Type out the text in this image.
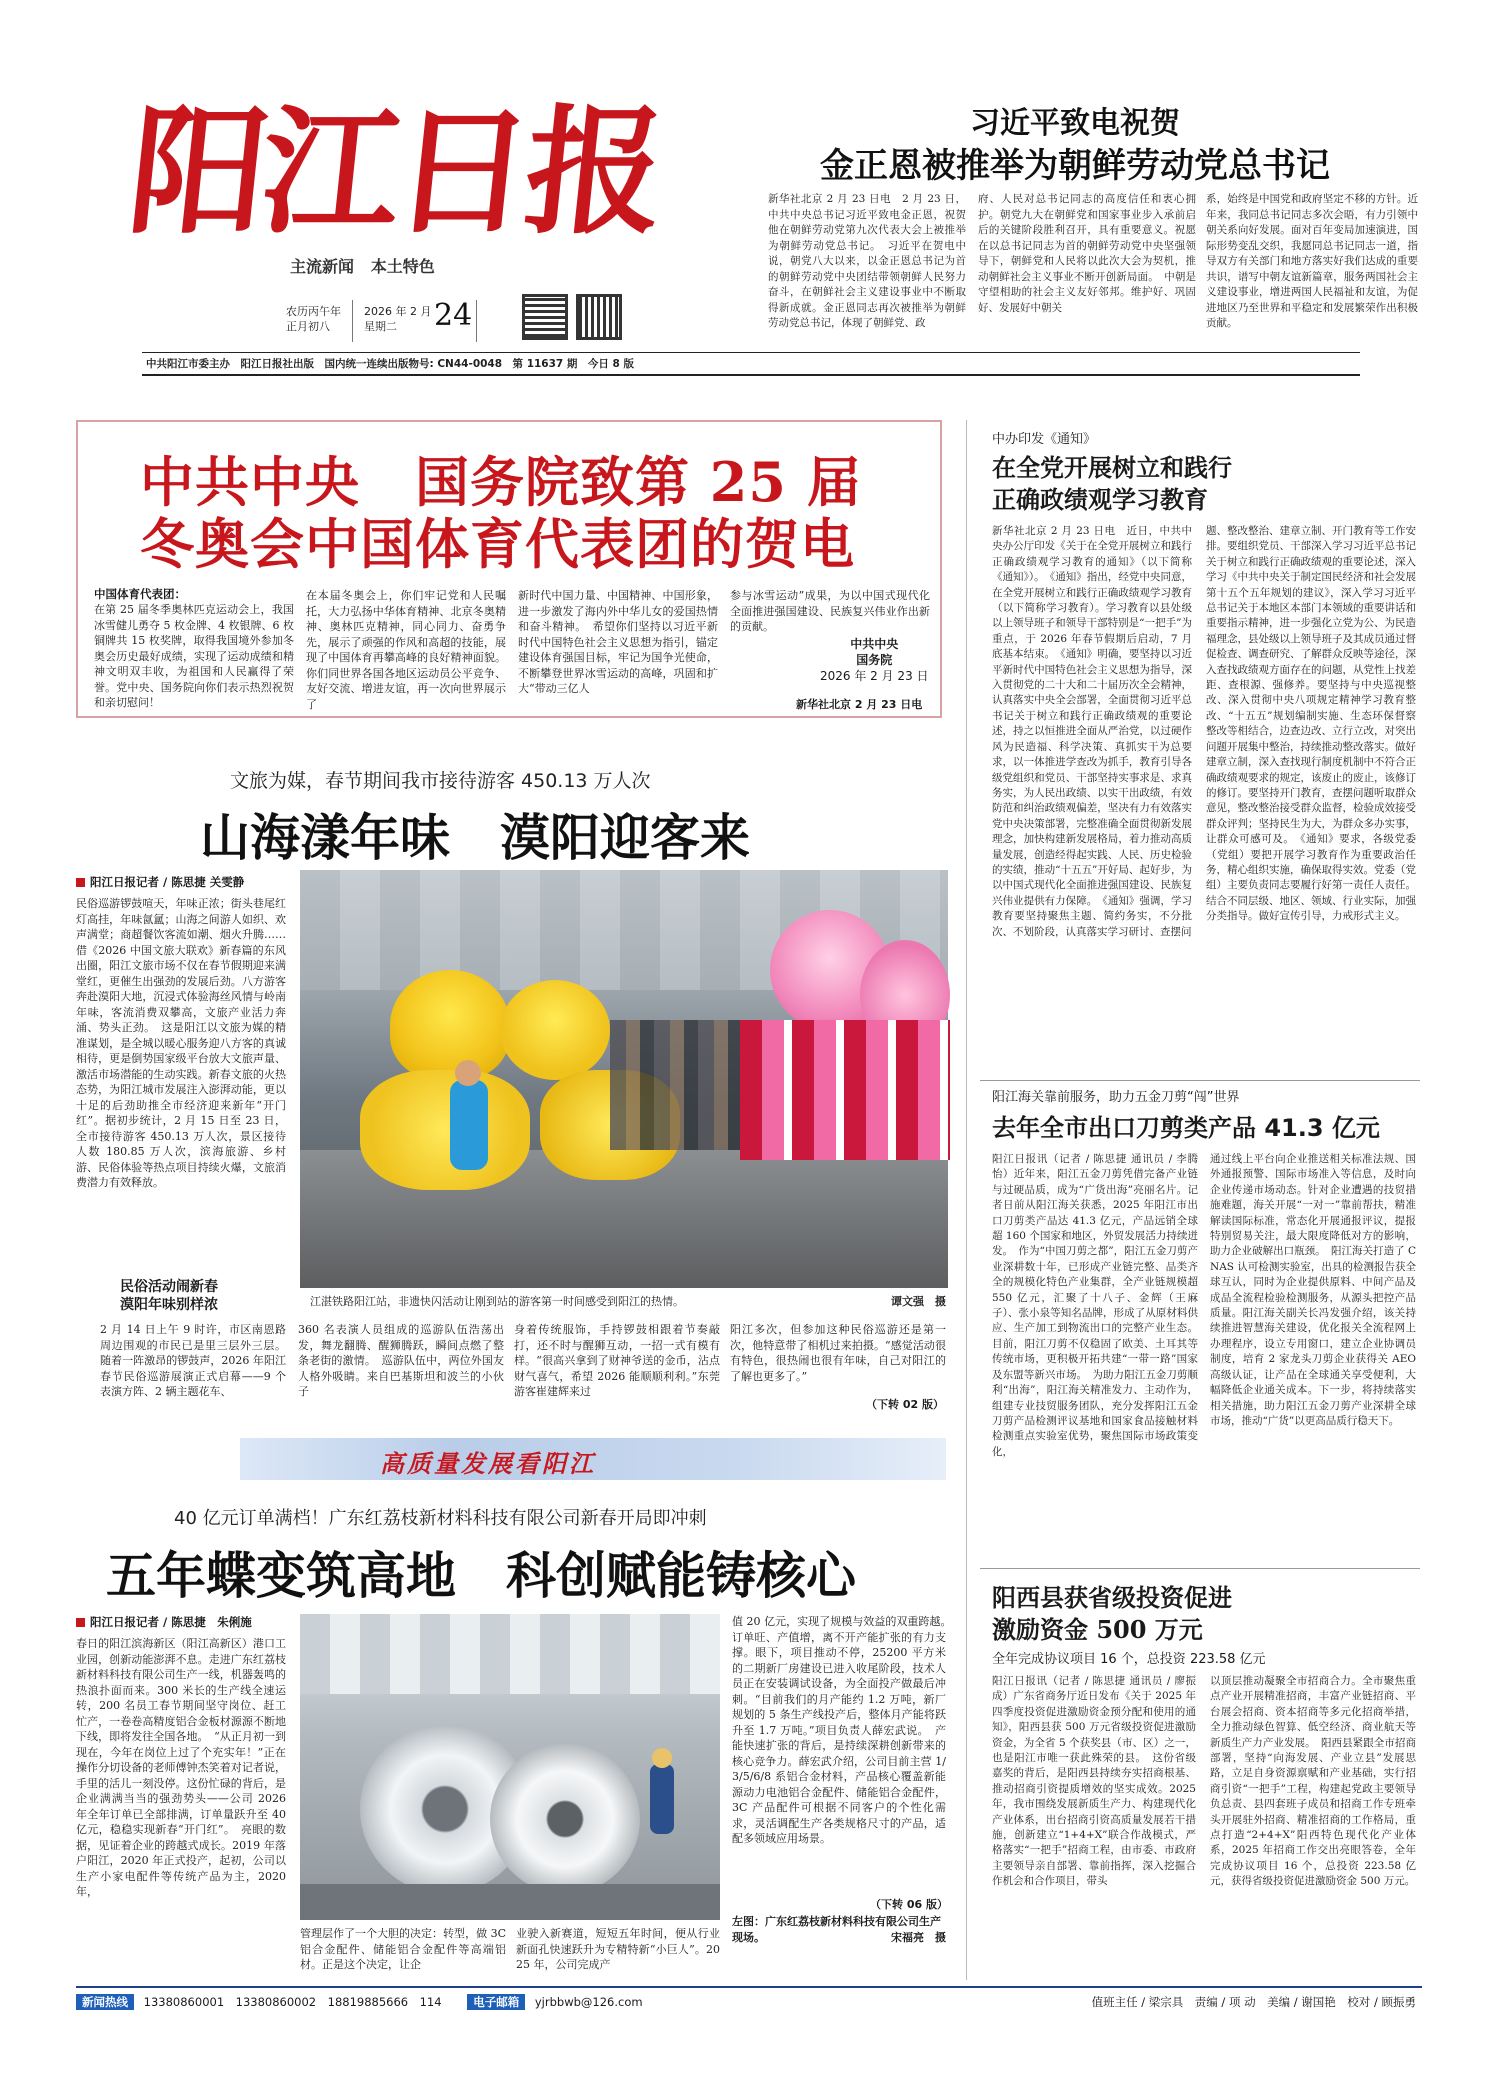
阳江日报
主流新闻 本土特色
农历丙午年
正月初八
2026 年 2 月
星期二	24
中共阳江市委主办　阳江日报社出版　国内统一连续出版物号: CN44-0048　第 11637 期　今日 8 版
习近平致电祝贺
金正恩被推举为朝鲜劳动党总书记
新华社北京 2 月 23 日电　2 月 23 日，中共中央总书记习近平致电金正恩，祝贺他在朝鲜劳动党第九次代表大会上被推举为朝鲜劳动党总书记。　习近平在贺电中说，朝党八大以来，以金正恩总书记为首的朝鲜劳动党中央团结带领朝鲜人民努力奋斗，在朝鲜社会主义建设事业中不断取得新成就。金正恩同志再次被推举为朝鲜劳动党总书记，体现了朝鲜党、政
府、人民对总书记同志的高度信任和衷心拥护。朝党九大在朝鲜党和国家事业步入承前启后的关键阶段胜利召开，具有重要意义。祝愿在以总书记同志为首的朝鲜劳动党中央坚强领导下，朝鲜党和人民将以此次大会为契机，推动朝鲜社会主义事业不断开创新局面。　中朝是守望相助的社会主义友好邻邦。维护好、巩固好、发展好中朝关
系，始终是中国党和政府坚定不移的方针。近年来，我同总书记同志多次会晤，有力引领中朝关系向好发展。面对百年变局加速演进，国际形势变乱交织，我愿同总书记同志一道，指导双方有关部门和地方落实好我们达成的重要共识，谱写中朝友谊新篇章，服务两国社会主义建设事业，增进两国人民福祉和友谊，为促进地区乃至世界和平稳定和发展繁荣作出积极贡献。
中共中央　国务院致第 25 届
冬奥会中国体育代表团的贺电
中国体育代表团：
在第 25 届冬季奥林匹克运动会上，我国冰雪健儿勇夺 5 枚金牌、4 枚银牌、6 枚铜牌共 15 枚奖牌，取得我国境外参加冬奥会历史最好成绩，实现了运动成绩和精神文明双丰收，为祖国和人民赢得了荣誉。党中央、国务院向你们表示热烈祝贺和亲切慰问！
在本届冬奥会上，你们牢记党和人民嘱托，大力弘扬中华体育精神、北京冬奥精神、奥林匹克精神，同心同力、奋勇争先，展示了顽强的作风和高超的技能，展现了中国体育再攀高峰的良好精神面貌。你们同世界各国各地区运动员公平竞争、友好交流、增进友谊，再一次向世界展示了
新时代中国力量、中国精神、中国形象，进一步激发了海内外中华儿女的爱国热情和奋斗精神。　希望你们坚持以习近平新时代中国特色社会主义思想为指引，锚定建设体育强国目标，牢记为国争光使命，不断攀登世界冰雪运动的高峰，巩固和扩大“带动三亿人
参与冰雪运动”成果，为以中国式现代化全面推进强国建设、民族复兴伟业作出新的贡献。
中共中央
国务院
2026 年 2 月 23 日
新华社北京 2 月 23 日电
文旅为媒，春节期间我市接待游客 450.13 万人次
山海漾年味　漠阳迎客来
阳江日报记者 / 陈思捷 关雯静
民俗巡游锣鼓喧天，年味正浓；街头巷尾红灯高挂，年味氤氲；山海之间游人如织、欢声满堂；商超餐饮客流如潮、烟火升腾……　借《2026 中国文旅大联欢》新春篇的东风出圈，阳江文旅市场不仅在春节假期迎来满堂红，更催生出强劲的发展后劲。八方游客奔赴漠阳大地，沉浸式体验海丝风情与岭南年味，客流消费双攀高，文旅产业活力奔涌、势头正劲。　这是阳江以文旅为媒的精准谋划，是全城以暖心服务迎八方客的真诚相待，更是倒势国家级平台放大文旅声量、激活市场潜能的生动实践。新春文旅的火热态势，为阳江城市发展注入澎湃动能，更以十足的后劲助推全市经济迎来新年“开门红”。据初步统计，2 月 15 日至 23 日，全市接待游客 450.13 万人次，景区接待人数 180.85 万人次，滨海旅游、乡村游、民俗体验等热点项目持续火爆，文旅消费潜力有效释放。
民俗活动闹新春
漠阳年味别样浓	江湛铁路阳江站，非遗快闪活动让刚到站的游客第一时间感受到阳江的热情。	谭文强　摄
2 月 14 日上午 9 时许，市区南恩路周边围观的市民已是里三层外三层。随着一阵激昂的锣鼓声，2026 年阳江春节民俗巡游展演正式启幕——9 个表演方阵、2 辆主题花车、
360 名表演人员组成的巡游队伍浩荡出发，舞龙翻腾、醒狮腾跃，瞬间点燃了整条老街的激情。　巡游队伍中，两位外国友人格外吸睛。来自巴基斯坦和波兰的小伙子
身着传统服饰，手持锣鼓相跟着节奏敲打，还不时与醒狮互动，一招一式有模有样。“很高兴拿到了财神爷送的金币，沾点财气喜气，希望 2026 能顺顺利利。”东莞游客崔建辉来过
阳江多次，但参加这种民俗巡游还是第一次，他特意带了相机过来拍摄。“感觉活动很有特色，很热闹也很有年味，自己对阳江的了解也更多了。”
（下转 02 版）
中办印发《通知》
在全党开展树立和践行
正确政绩观学习教育
新华社北京 2 月 23 日电　近日，中共中央办公厅印发《关于在全党开展树立和践行正确政绩观学习教育的通知》（以下简称《通知》）。　《通知》指出，经党中央同意，在全党开展树立和践行正确政绩观学习教育（以下简称学习教育）。学习教育以县处级以上领导班子和领导干部特别是“一把手”为重点，于 2026 年春节假期后启动，7 月底基本结束。　《通知》明确，要坚持以习近平新时代中国特色社会主义思想为指导，深入贯彻党的二十大和二十届历次全会精神，认真落实中央全会部署，全面贯彻习近平总书记关于树立和践行正确政绩观的重要论述，持之以恒推进全面从严治党，以过硬作风为民造福、科学决策、真抓实干为总要求，以一体推进学查改为抓手，教育引导各级党组织和党员、干部坚持实事求是、求真务实，为人民出政绩、以实干出政绩，有效防范和纠治政绩观偏差，坚决有力有效落实党中央决策部署，完整准确全面贯彻新发展理念，加快构建新发展格局，着力推动高质量发展，创造经得起实践、人民、历史检验的实绩，推动“十五五”开好局、起好步，为以中国式现代化全面推进强国建设、民族复兴伟业提供有力保障。　《通知》强调，学习教育要坚持聚焦主题、简约务实，不分批次、不划阶段，认真落实学习研讨、查摆问
题、整改整治、建章立制、开门教育等工作安排。要组织党员、干部深入学习习近平总书记关于树立和践行正确政绩观的重要论述，深入学习《中共中央关于制定国民经济和社会发展第十五个五年规划的建议》，深入学习习近平总书记关于本地区本部门本领域的重要讲话和重要指示精神，进一步强化立党为公、为民造福理念，县处级以上领导班子及其成员通过督促检查、调查研究、了解群众反映等途径，深入查找政绩观方面存在的问题，从党性上找差距、查根源、强修养。要坚持与中央巡视整改、深入贯彻中央八项规定精神学习教育整改、“十五五”规划编制实施、生态环保督察整改等相结合，边查边改、立行立改，对突出问题开展集中整治，持续推动整改落实。做好建章立制，深入查找现行制度机制中不符合正确政绩观要求的规定，该废止的废止，该修订的修订。要坚持开门教育，查摆问题听取群众意见，整改整治接受群众监督，检验成效接受群众评判；坚持民生为大，为群众多办实事，让群众可感可及。　《通知》要求，各级党委（党组）要把开展学习教育作为重要政治任务，精心组织实施，确保取得实效。党委（党组）主要负责同志要履行好第一责任人责任。结合不同层级、地区、领域、行业实际，加强分类指导。做好宣传引导，力戒形式主义。
阳江海关靠前服务，助力五金刀剪“闯”世界
去年全市出口刀剪类产品 41.3 亿元
阳江日报讯（记者 / 陈思捷 通讯员 / 李腾怡）近年来，阳江五金刀剪凭借完备产业链与过硬品质，成为“广货出海”亮丽名片。记者日前从阳江海关获悉，2025 年阳江市出口刀剪类产品达 41.3 亿元，产品远销全球超 160 个国家和地区，外贸发展活力持续迸发。　作为“中国刀剪之都”，阳江五金刀剪产业深耕数十年，已形成产业链完整、品类齐全的规模化特色产业集群，全产业链规模超 550 亿元，汇聚了十八子、金辉（王麻子）、张小泉等知名品牌，形成了从原材料供应、生产加工到物流出口的完整产业生态。目前，阳江刀剪不仅稳固了欧美、土耳其等传统市场，更积极开拓共建“一带一路”国家及东盟等新兴市场。　为助力阳江五金刀剪顺利“出海”，阳江海关精准发力、主动作为，组建专业技贸服务团队，充分发挥阳江五金刀剪产品检测评议基地和国家食品接触材料检测重点实验室优势，聚焦国际市场政策变化，
通过线上平台向企业推送相关标准法规、国外通报预警、国际市场准入等信息，及时向企业传递市场动态。针对企业遭遇的技贸措施难题，海关开展“一对一”靠前帮扶，精准解读国际标准，常态化开展通报评议，提报特别贸易关注，最大限度降低对方的影响，助力企业破解出口瓶颈。　阳江海关打造了 CNAS 认可检测实验室，出具的检测报告获全球互认，同时为企业提供原料、中间产品及成品全流程检验检测服务，从源头把控产品质量。阳江海关副关长冯发强介绍，该关持续推进智慧海关建设，优化报关全流程网上办理程序，设立专用窗口，建立企业协调员制度，培育 2 家龙头刀剪企业获得关 AEO 高级认证，让产品在全球通关享受便利，大幅降低企业通关成本。下一步，将持续落实相关措施，助力阳江五金刀剪产业深耕全球市场，推动“广货”以更高品质行稳天下。
阳西县获省级投资促进
激励资金 500 万元
全年完成协议项目 16 个，总投资 223.58 亿元
阳江日报讯（记者 / 陈思捷 通讯员 / 廖振成）广东省商务厅近日发布《关于 2025 年四季度投资促进激励资金预分配和使用的通知》，阳西县获 500 万元省级投资促进激励资金，为全省 5 个获奖县（市、区）之一，也是阳江市唯一获此殊荣的县。　这份省级嘉奖的背后，是阳西县持续夯实招商根基、推动招商引资提质增效的坚实成效。2025 年，我市围绕发展新质生产力、构建现代化产业体系，出台招商引资高质量发展若干措施，创新建立“1+4+X”联合作战模式，严格落实“一把手”招商工程，由市委、市政府主要领导亲自部署、靠前指挥，深入挖掘合作机会和合作项目，带头
以顶层推动凝聚全市招商合力。全市聚焦重点产业开展精准招商，丰富产业链招商、平台展会招商、资本招商等多元化招商举措，全力推动绿色智算、低空经济、商业航天等新质生产力产业发展。　阳西县紧跟全市招商部署，坚持“向海发展、产业立县”发展思路，立足自身资源禀赋和产业基础，实行招商引资“一把手”工程，构建起党政主要领导负总责、县四套班子成员和招商工作专班牵头开展驻外招商、精准招商的工作格局，重点打造“2+4+X”阳西特色现代化产业体系，2025 年招商工作交出亮眼答卷，全年完成协议项目 16 个，总投资 223.58 亿元，获得省级投资促进激励资金 500 万元。
高质量发展看阳江
40 亿元订单满档！广东红荔枝新材料科技有限公司新春开局即冲刺
五年蝶变筑高地　科创赋能铸核心
阳江日报记者 / 陈思捷　朱俐施
春日的阳江滨海新区（阳江高新区）港口工业园，创新动能澎湃不息。走进广东红荔枝新材料科技有限公司生产一线，机器轰鸣的热浪扑面而来。300 米长的生产线全速运转，200 名员工春节期间坚守岗位、赶工忙产，一卷卷高精度铝合金板材源源不断地下线，即将发往全国各地。　“从正月初一到现在，今年在岗位上过了个充实年！”正在操作分切设备的老师傅钟杰笑着对记者说，手里的活儿一刻没停。这份忙碌的背后，是企业满满当当的强劲势头——公司 2026 年全年订单已全部排满，订单量跃升至 40 亿元，稳稳实现新春“开门红”。　亮眼的数据，见证着企业的跨越式成长。2019 年落户阳江，2020 年正式投产，起初，公司以生产小家电配件等传统产品为主，2020 年，
管理层作了一个大胆的决定：转型，做 3C 铝合金配件、储能铝合金配件等高端铝材。正是这个决定，让企
业驶入新赛道，短短五年时间，便从行业新面孔快速跃升为专精特新“小巨人”。2025 年，公司完成产
值 20 亿元，实现了规模与效益的双重跨越。　订单旺、产值增，离不开产能扩张的有力支撑。眼下，项目推动不停，25200 平方米的二期新厂房建设已进入收尾阶段，技术人员正在安装调试设备，为全面投产做最后冲刺。“目前我们的月产能约 1.2 万吨，新厂规划的 5 条生产线投产后，整体月产能将跃升至 1.7 万吨。”项目负责人薛宏武说。　产能快速扩张的背后，是持续深耕创新带来的核心竞争力。薛宏武介绍，公司目前主营 1/3/5/6/8 系铝合金材料，产品核心覆盖新能源动力电池铝合金配件、储能铝合金配件，3C 产品配件可根据不同客户的个性化需求，灵活调配生产各类规格尺寸的产品，适配多领域应用场景。
（下转 06 版）
左图：广东红荔枝新材料科技有限公司生产现场。	宋福亮　摄
新闻热线 13380860001　13380860002　18819885666　114	电子邮箱 yjrbbwb@126.com	值班主任 / 梁宗具　责编 / 项 动　美编 / 谢国艳　校对 / 顾振勇
